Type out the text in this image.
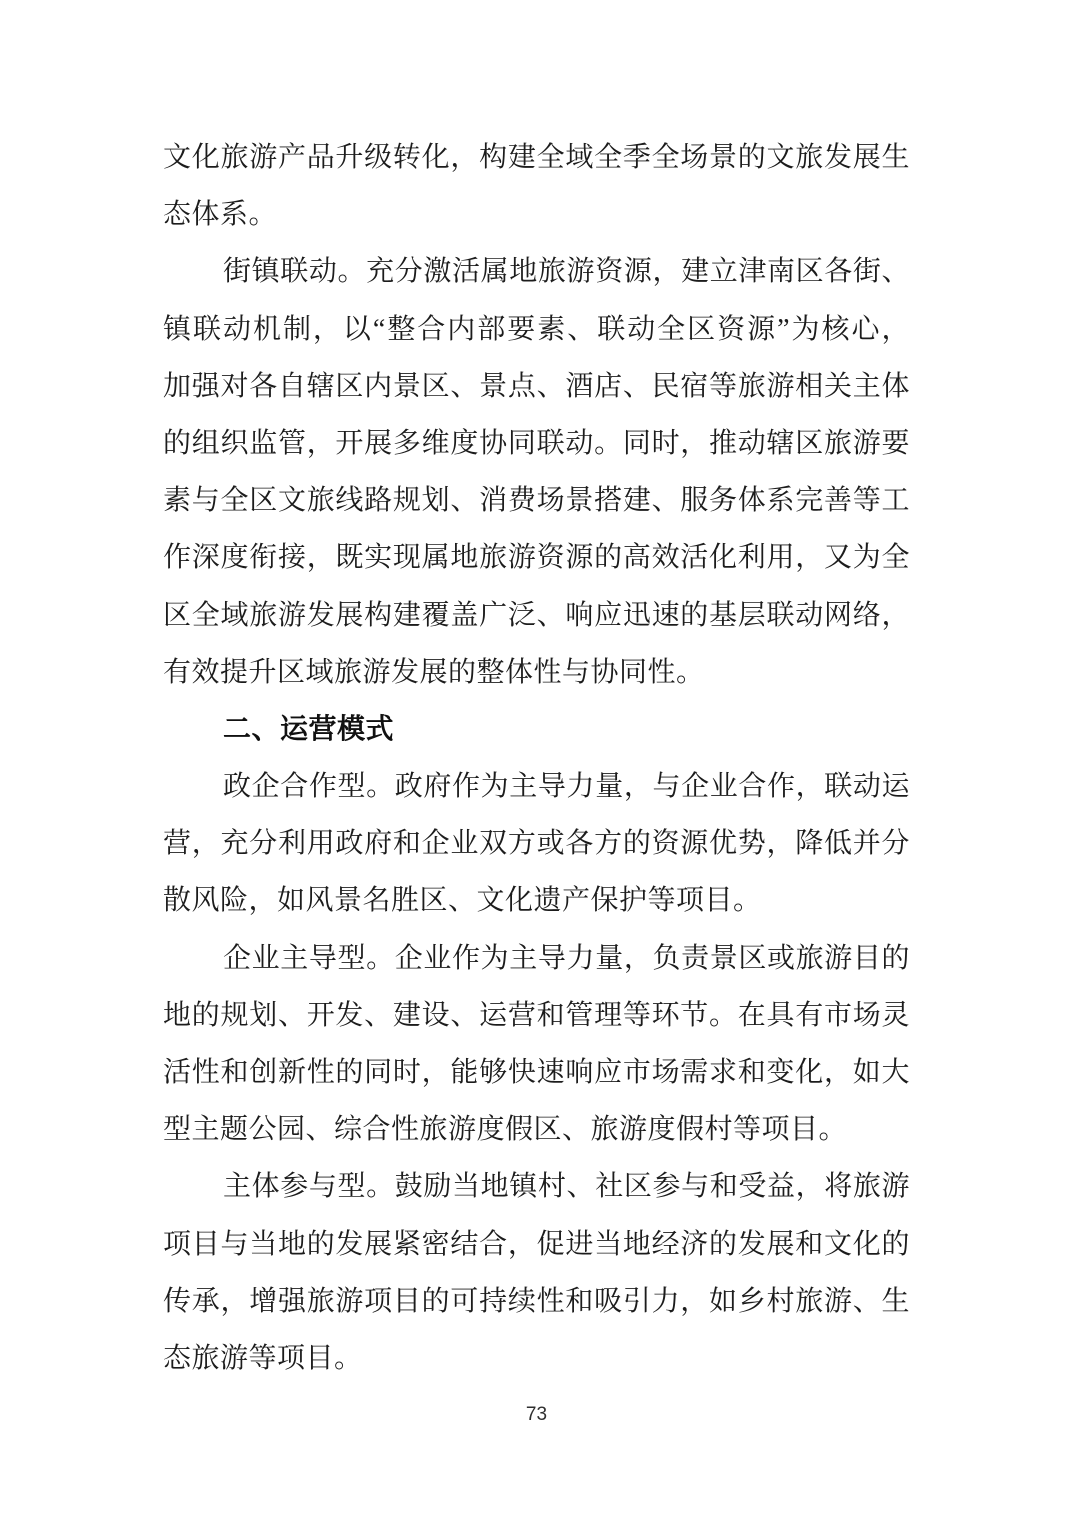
文化旅游产品升级转化，构建全域全季全场景的文旅发展生
态体系。
街镇联动。充分激活属地旅游资源，建立津南区各街、
镇联动机制，以“整合内部要素、联动全区资源”为核心，
加强对各自辖区内景区、景点、酒店、民宿等旅游相关主体
的组织监管，开展多维度协同联动。同时，推动辖区旅游要
素与全区文旅线路规划、消费场景搭建、服务体系完善等工
作深度衔接，既实现属地旅游资源的高效活化利用，又为全
区全域旅游发展构建覆盖广泛、响应迅速的基层联动网络，
有效提升区域旅游发展的整体性与协同性。
二、运营模式
政企合作型。政府作为主导力量，与企业合作，联动运
营，充分利用政府和企业双方或各方的资源优势，降低并分
散风险，如风景名胜区、文化遗产保护等项目。
企业主导型。企业作为主导力量，负责景区或旅游目的
地的规划、开发、建设、运营和管理等环节。在具有市场灵
活性和创新性的同时，能够快速响应市场需求和变化，如大
型主题公园、综合性旅游度假区、旅游度假村等项目。
主体参与型。鼓励当地镇村、社区参与和受益，将旅游
项目与当地的发展紧密结合，促进当地经济的发展和文化的
传承，增强旅游项目的可持续性和吸引力，如乡村旅游、生
态旅游等项目。
73
